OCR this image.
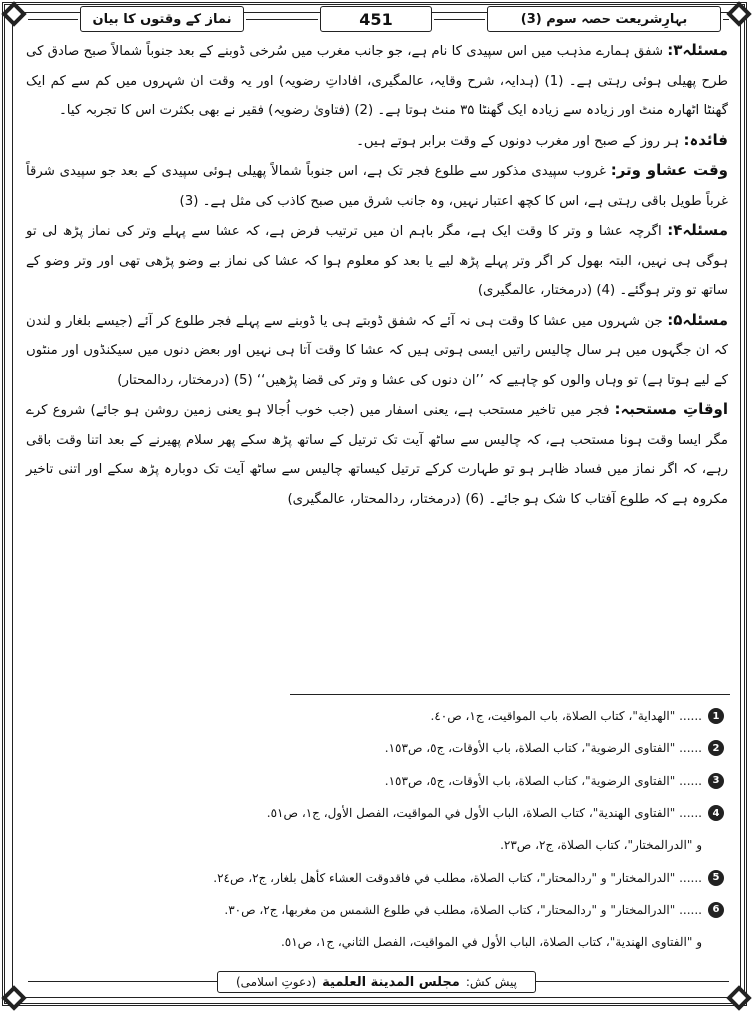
بہارِشریعت حصہ سوم (3)
451
نماز کے وقتوں کا بیان

مسئلہ۳: شفق ہمارے مذہب میں اس سپیدی کا نام ہے، جو جانب مغرب میں سُرخی ڈوبنے کے بعد جنوباً شمالاً صبح صادق کی طرح پھیلی ہوئی رہتی ہے۔ (1) (ہدایہ، شرح وقایہ، عالمگیری، افاداتِ رضویہ) اور یہ وقت ان شہروں میں کم سے کم ایک گھنٹا اٹھارہ منٹ اور زیادہ سے زیادہ ایک گھنٹا ۳۵ منٹ ہوتا ہے۔ (2) (فتاویٰ رضویہ) فقیر نے بھی بکثرت اس کا تجربہ کیا۔

فائدہ: ہر روز کے صبح اور مغرب دونوں کے وقت برابر ہوتے ہیں۔

وقت عشاو وتر: غروب سپیدی مذکور سے طلوع فجر تک ہے، اس جنوباً شمالاً پھیلی ہوئی سپیدی کے بعد جو سپیدی شرقاً غرباً طویل باقی رہتی ہے، اس کا کچھ اعتبار نہیں، وہ جانب شرق میں صبح کاذب کی مثل ہے۔ (3)

مسئلہ۴: اگرچہ عشا و وتر کا وقت ایک ہے، مگر باہم ان میں ترتیب فرض ہے، کہ عشا سے پہلے وتر کی نماز پڑھ لی تو ہوگی ہی نہیں، البتہ بھول کر اگر وتر پہلے پڑھ لیے یا بعد کو معلوم ہوا کہ عشا کی نماز بے وضو پڑھی تھی اور وتر وضو کے ساتھ تو وتر ہوگئے۔ (4) (درمختار، عالمگیری)

مسئلہ۵: جن شہروں میں عشا کا وقت ہی نہ آئے کہ شفق ڈوبتے ہی یا ڈوبنے سے پہلے فجر طلوع کر آئے (جیسے بلغار و لندن کہ ان جگہوں میں ہر سال چالیس راتیں ایسی ہوتی ہیں کہ عشا کا وقت آتا ہی نہیں اور بعض دنوں میں سیکنڈوں اور منٹوں کے لیے ہوتا ہے) تو وہاں والوں کو چاہیے کہ ’’ان دنوں کی عشا و وتر کی قضا پڑھیں‘‘ (5) (درمختار، ردالمحتار)

اوقاتِ مستحبہ: فجر میں تاخیر مستحب ہے، یعنی اسفار میں (جب خوب اُجالا ہو یعنی زمین روشن ہو جائے) شروع کرے مگر ایسا وقت ہونا مستحب ہے، کہ چالیس سے ساٹھ آیت تک ترتیل کے ساتھ پڑھ سکے پھر سلام پھیرنے کے بعد اتنا وقت باقی رہے، کہ اگر نماز میں فساد ظاہر ہو تو طہارت کرکے ترتیل کیساتھ چالیس سے ساٹھ آیت تک دوبارہ پڑھ سکے اور اتنی تاخیر مکروہ ہے کہ طلوع آفتاب کا شک ہو جائے۔ (6) (درمختار، ردالمحتار، عالمگیری)

1
...... "الهداية"، كتاب الصلاة، باب المواقيت، ج١، ص٤٠.
2
...... "الفتاوى الرضوية"، كتاب الصلاة، باب الأوقات، ج٥، ص١٥٣.
3
...... "الفتاوى الرضوية"، كتاب الصلاة، باب الأوقات، ج٥، ص١٥٣.
4
...... "الفتاوى الهندية"، كتاب الصلاة، الباب الأول في المواقيت، الفصل الأول، ج١، ص٥١.
و "الدرالمختار"، كتاب الصلاة، ج٢، ص٢٣.
5
...... "الدرالمختار" و "ردالمحتار"، كتاب الصلاة، مطلب في فاقدوقت العشاء كأهل بلغار، ج٢، ص٢٤.
6
...... "الدرالمختار" و "ردالمحتار"، كتاب الصلاة، مطلب في طلوع الشمس من مغربها، ج٢، ص٣٠.
و "الفتاوى الهندية"، كتاب الصلاة، الباب الأول في المواقيت، الفصل الثاني، ج١، ص٥١.
پیش کش:
مجلس المدينة العلمية
(دعوتِ اسلامی)
